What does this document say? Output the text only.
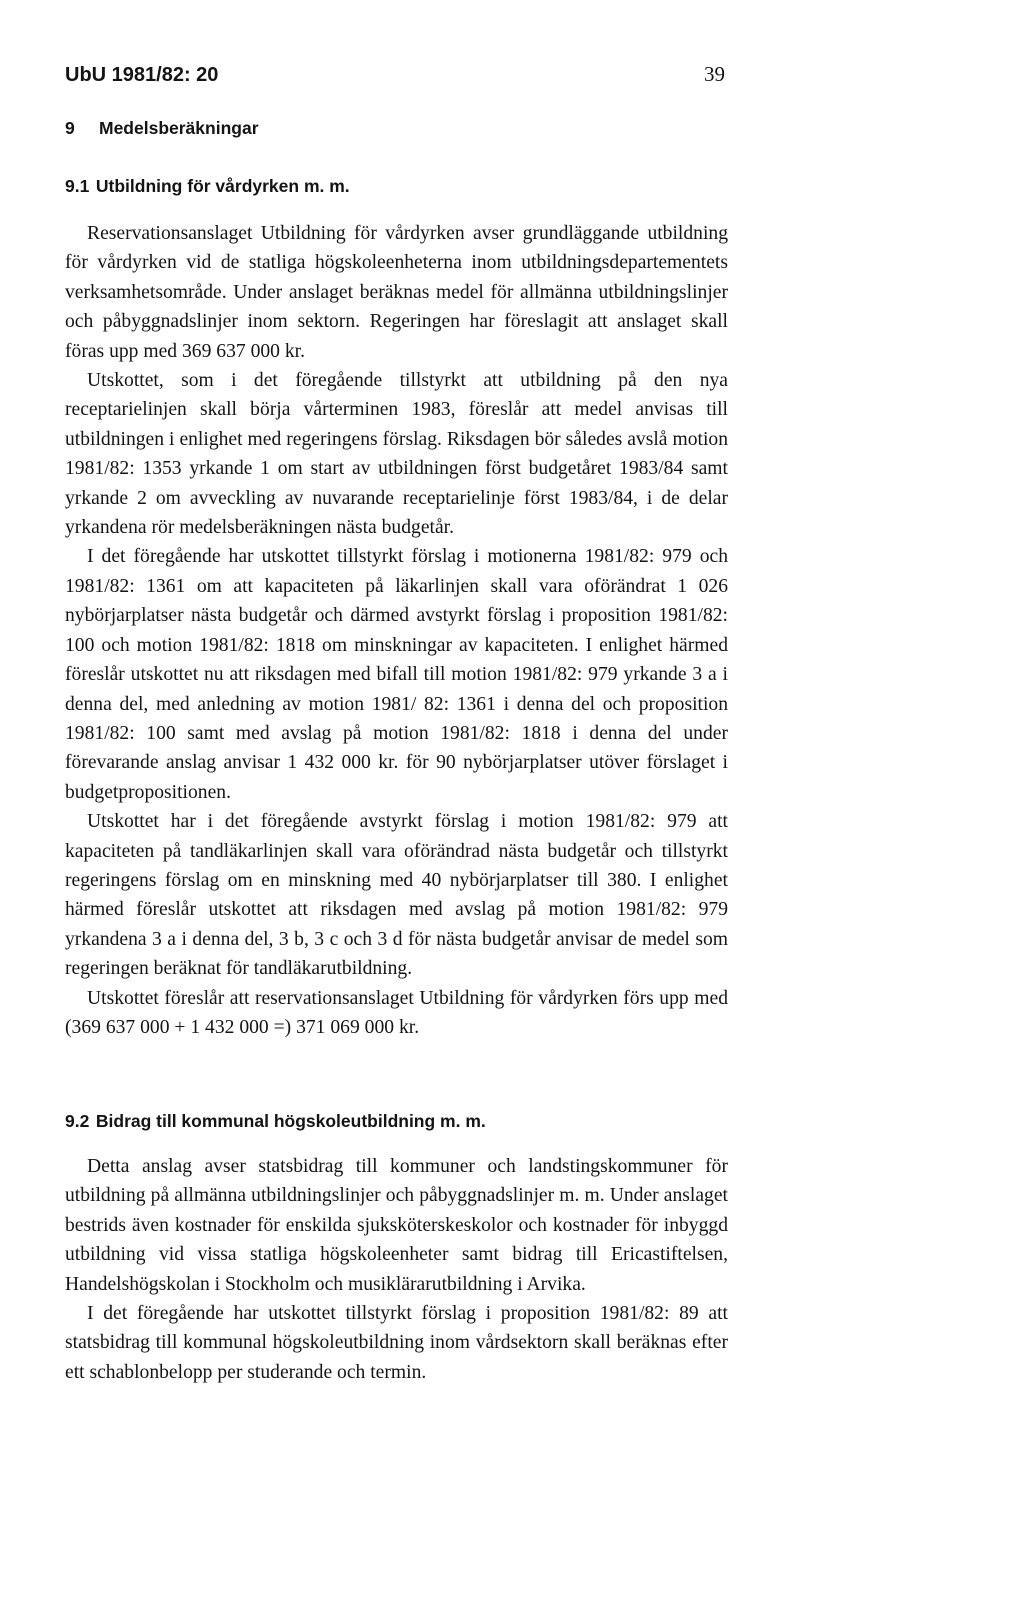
UbU 1981/82: 20	39
9 Medelsberäkningar
9.1 Utbildning för vårdyrken m. m.

Reservationsanslaget Utbildning för vårdyrken avser grundläggande utbildning för vårdyrken vid de statliga högskoleenheterna inom utbildningsdepartementets verksamhetsområde. Under anslaget beräknas medel för allmänna utbildningslinjer och påbyggnadslinjer inom sektorn. Regeringen har föreslagit att anslaget skall föras upp med 369 637 000 kr.

Utskottet, som i det föregående tillstyrkt att utbildning på den nya receptarielinjen skall börja vårterminen 1983, föreslår att medel anvisas till utbildningen i enlighet med regeringens förslag. Riksdagen bör således avslå motion 1981/82: 1353 yrkande 1 om start av utbildningen först budgetåret 1983/84 samt yrkande 2 om avveckling av nuvarande receptarielinje först 1983/84, i de delar yrkandena rör medelsberäkningen nästa budgetår.

I det föregående har utskottet tillstyrkt förslag i motionerna 1981/82: 979 och 1981/82: 1361 om att kapaciteten på läkarlinjen skall vara oförändrat 1 026 nybörjarplatser nästa budgetår och därmed avstyrkt förslag i proposition 1981/82: 100 och motion 1981/82: 1818 om minskningar av kapaciteten. I enlighet härmed föreslår utskottet nu att riksdagen med bifall till motion 1981/82: 979 yrkande 3 a i denna del, med anledning av motion 1981/ 82: 1361 i denna del och proposition 1981/82: 100 samt med avslag på motion 1981/82: 1818 i denna del under förevarande anslag anvisar 1 432 000 kr. för 90 nybörjarplatser utöver förslaget i budgetpropositionen.

Utskottet har i det föregående avstyrkt förslag i motion 1981/82: 979 att kapaciteten på tandläkarlinjen skall vara oförändrad nästa budgetår och tillstyrkt regeringens förslag om en minskning med 40 nybörjarplatser till 380. I enlighet härmed föreslår utskottet att riksdagen med avslag på motion 1981/82: 979 yrkandena 3 a i denna del, 3 b, 3 c och 3 d för nästa budgetår anvisar de medel som regeringen beräknat för tandläkarutbildning.

Utskottet föreslår att reservationsanslaget Utbildning för vårdyrken förs upp med (369 637 000 + 1 432 000 =) 371 069 000 kr.

9.2 Bidrag till kommunal högskoleutbildning m. m.

Detta anslag avser statsbidrag till kommuner och landstingskommuner för utbildning på allmänna utbildningslinjer och påbyggnadslinjer m. m. Under anslaget bestrids även kostnader för enskilda sjuksköterskeskolor och kostnader för inbyggd utbildning vid vissa statliga högskoleenheter samt bidrag till Ericastiftelsen, Handelshögskolan i Stockholm och musiklärarutbildning i Arvika.

I det föregående har utskottet tillstyrkt förslag i proposition 1981/82: 89 att statsbidrag till kommunal högskoleutbildning inom vårdsektorn skall beräknas efter ett schablonbelopp per studerande och termin.
